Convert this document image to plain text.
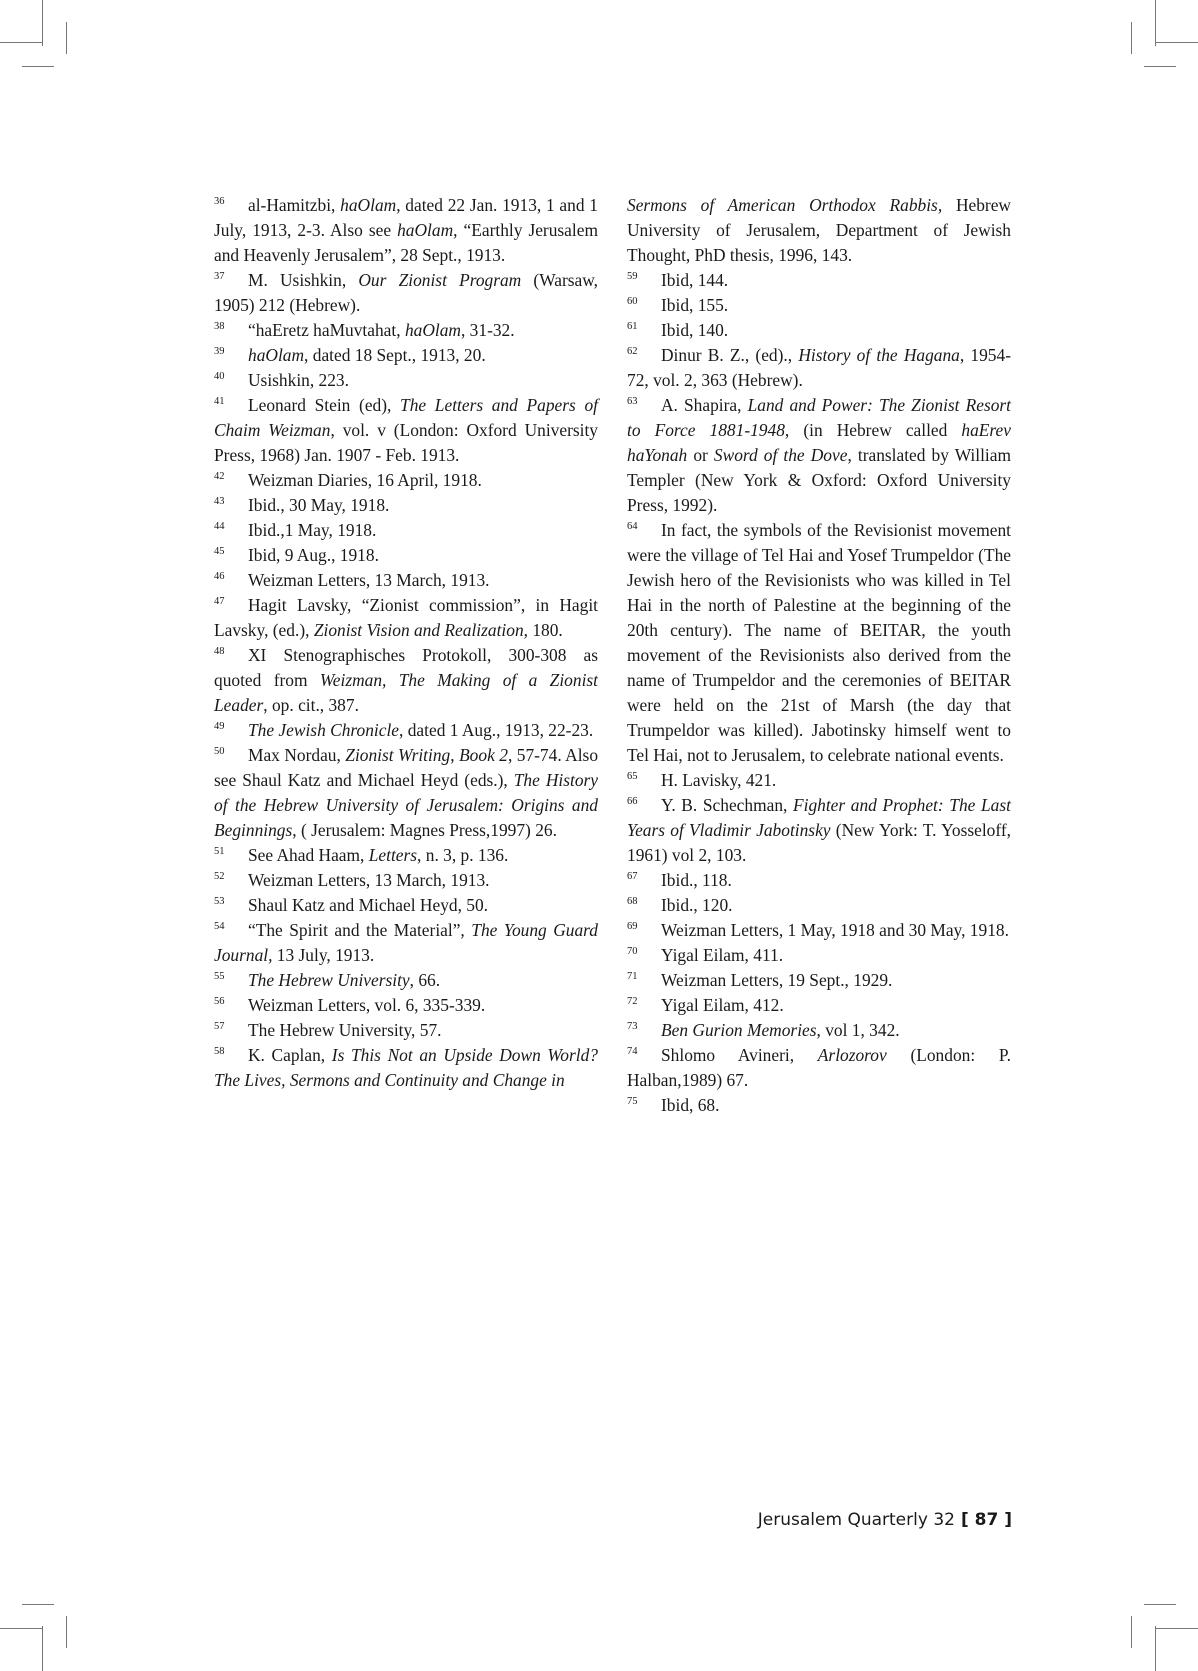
$^{36}$ al-Hamitzbi, haOlam, dated 22 Jan. 1913, 1 and 1 July, 1913, 2-3. Also see haOlam, “Earthly Jerusalem and Heavenly Jerusalem”, 28 Sept., 1913.

$^{37}$ M. Usishkin, Our Zionist Program (Warsaw, 1905) 212 (Hebrew).

$^{38}$ “haEretz haMuvtahat, haOlam, 31-32.

$^{39}$ haOlam, dated 18 Sept., 1913, 20.

$^{40}$ Usishkin, 223.

$^{41}$ Leonard Stein (ed), The Letters and Papers of Chaim Weizman, vol. v (London: Oxford University Press, 1968) Jan. 1907 - Feb. 1913.

$^{42}$ Weizman Diaries, 16 April, 1918.

$^{43}$ Ibid., 30 May, 1918.

$^{44}$ Ibid.,1 May, 1918.

$^{45}$ Ibid, 9 Aug., 1918.

$^{46}$ Weizman Letters, 13 March, 1913.

$^{47}$ Hagit Lavsky, “Zionist commission”, in Hagit Lavsky, (ed.), Zionist Vision and Realization, 180.

$^{48}$ XI Stenographisches Protokoll, 300-308 as quoted from Weizman, The Making of a Zionist Leader, op. cit., 387.

$^{49}$ The Jewish Chronicle, dated 1 Aug., 1913, 22-23.

$^{50}$ Max Nordau, Zionist Writing, Book 2, 57-74. Also see Shaul Katz and Michael Heyd (eds.), The History of the Hebrew University of Jerusalem: Origins and Beginnings, ( Jerusalem: Magnes Press,1997) 26.

$^{51}$ See Ahad Haam, Letters, n. 3, p. 136.

$^{52}$ Weizman Letters, 13 March, 1913.

$^{53}$ Shaul Katz and Michael Heyd, 50.

$^{54}$ “The Spirit and the Material”, The Young Guard Journal, 13 July, 1913.

$^{55}$ The Hebrew University, 66.

$^{56}$ Weizman Letters, vol. 6, 335-339.

$^{57}$ The Hebrew University, 57.

$^{58}$ K. Caplan, Is This Not an Upside Down World? The Lives, Sermons and Continuity and Change in

Sermons of American Orthodox Rabbis, Hebrew University of Jerusalem, Department of Jewish Thought, PhD thesis, 1996, 143.

$^{59}$ Ibid, 144.

$^{60}$ Ibid, 155.

$^{61}$ Ibid, 140.

$^{62}$ Dinur B. Z., (ed)., History of the Hagana, 1954-72, vol. 2, 363 (Hebrew).

$^{63}$ A. Shapira, Land and Power: The Zionist Resort to Force 1881-1948, (in Hebrew called haErev haYonah or Sword of the Dove, translated by William Templer (New York & Oxford: Oxford University Press, 1992).

$^{64}$ In fact, the symbols of the Revisionist movement were the village of Tel Hai and Yosef Trumpeldor (The Jewish hero of the Revisionists who was killed in Tel Hai in the north of Palestine at the beginning of the 20th century). The name of BEITAR, the youth movement of the Revisionists also derived from the name of Trumpeldor and the ceremonies of BEITAR were held on the 21st of Marsh (the day that Trumpeldor was killed). Jabotinsky himself went to Tel Hai, not to Jerusalem, to celebrate national events.

$^{65}$ H. Lavisky, 421.

$^{66}$ Y. B. Schechman, Fighter and Prophet: The Last Years of Vladimir Jabotinsky (New York: T. Yosseloff, 1961) vol 2, 103.

$^{67}$ Ibid., 118.

$^{68}$ Ibid., 120.

$^{69}$ Weizman Letters, 1 May, 1918 and 30 May, 1918.

$^{70}$ Yigal Eilam, 411.

$^{71}$ Weizman Letters, 19 Sept., 1929.

$^{72}$ Yigal Eilam, 412.

$^{73}$ Ben Gurion Memories, vol 1, 342.

$^{74}$ Shlomo Avineri, Arlozorov (London: P. Halban,1989) 67.

$^{75}$ Ibid, 68.

Jerusalem Quarterly 32 [ 87 ]
